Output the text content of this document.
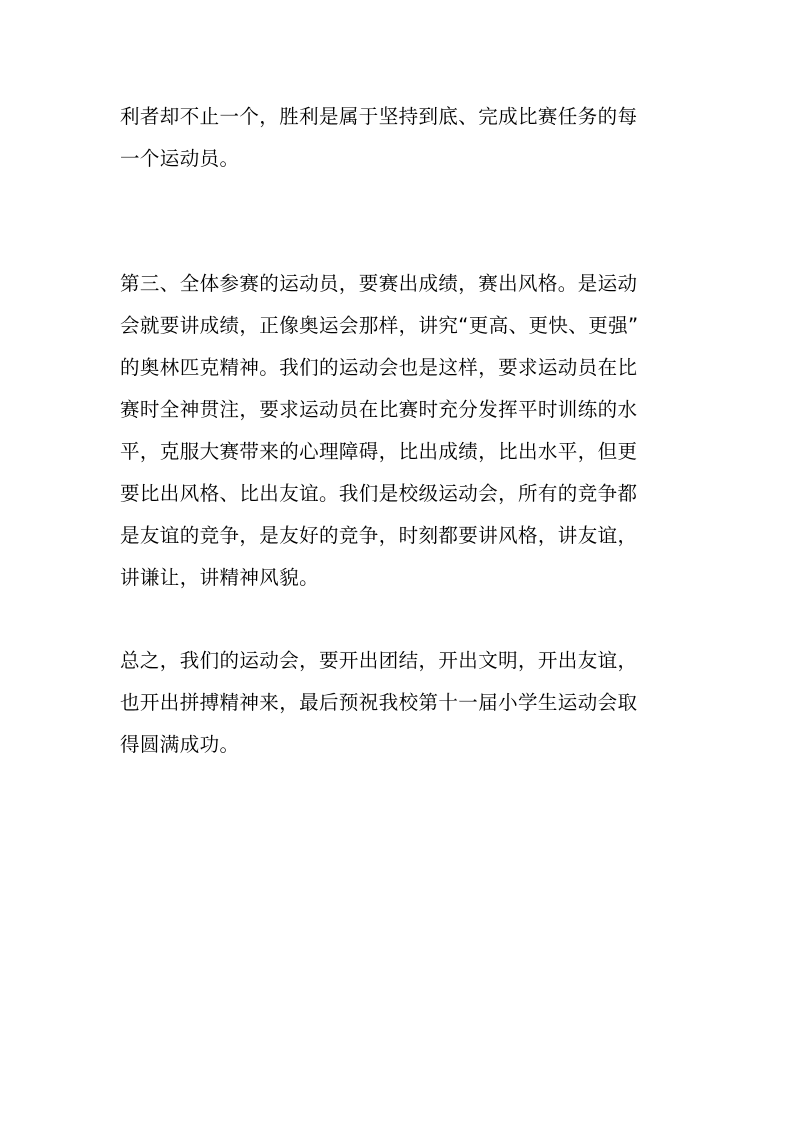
利者却不止一个，胜利是属于坚持到底、完成比赛任务的每
一个运动员。
第三、全体参赛的运动员，要赛出成绩，赛出风格。是运动
会就要讲成绩，正像奥运会那样，讲究“更高、更快、更强”
的奥林匹克精神。我们的运动会也是这样，要求运动员在比
赛时全神贯注，要求运动员在比赛时充分发挥平时训练的水
平，克服大赛带来的心理障碍，比出成绩，比出水平，但更
要比出风格、比出友谊。我们是校级运动会，所有的竞争都
是友谊的竞争，是友好的竞争，时刻都要讲风格，讲友谊，
讲谦让，讲精神风貌。
总之，我们的运动会，要开出团结，开出文明，开出友谊，
也开出拼搏精神来，最后预祝我校第十一届小学生运动会取
得圆满成功。
